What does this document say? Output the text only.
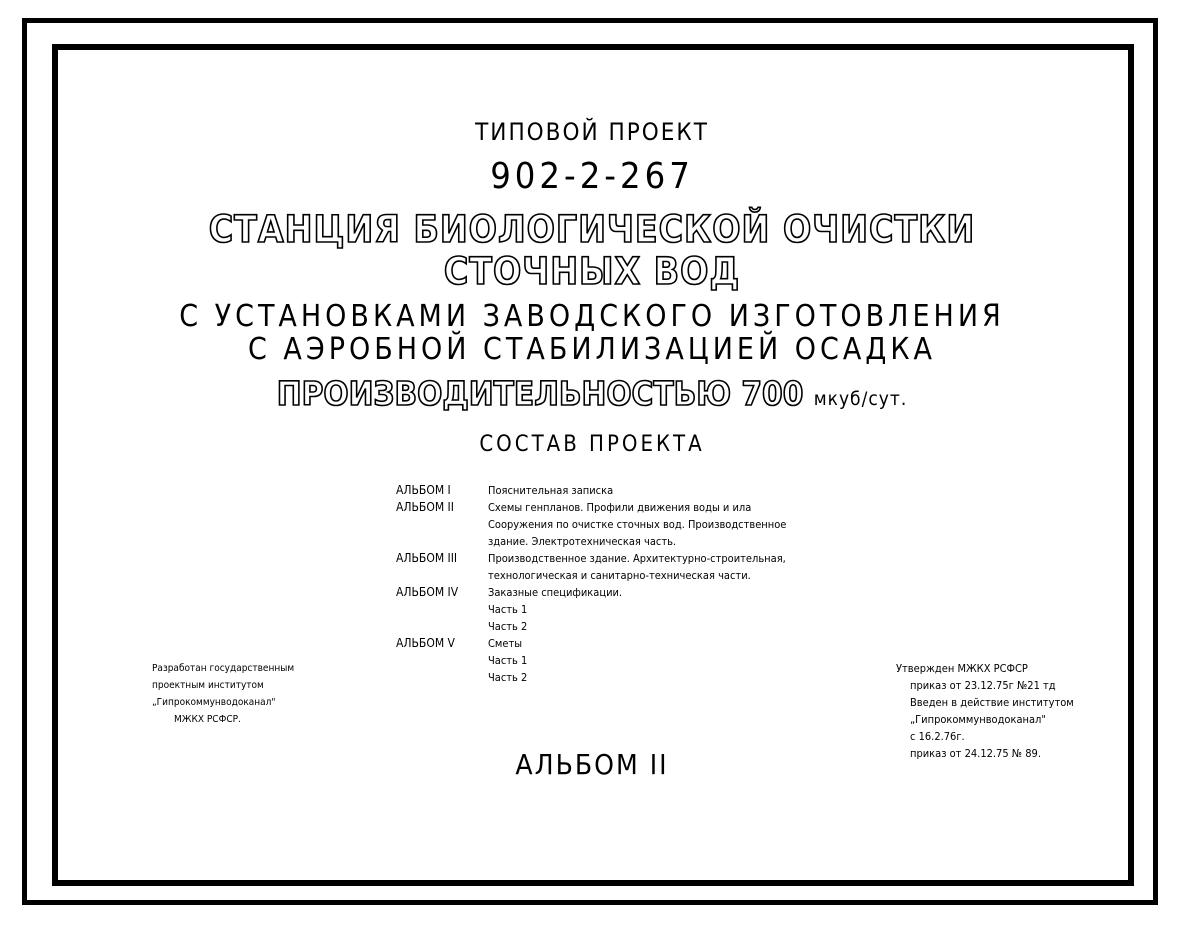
ТИПОВОЙ ПРОЕКТ
902-2-267
СТАНЦИЯ БИОЛОГИЧЕСКОЙ ОЧИСТКИ
СТОЧНЫХ ВОД
С УСТАНОВКАМИ ЗАВОДСКОГО ИЗГОТОВЛЕНИЯ
С АЭРОБНОЙ СТАБИЛИЗАЦИЕЙ ОСАДКА
ПРОИЗВОДИТЕЛЬНОСТЬЮ 700 мкуб/сут.
СОСТАВ ПРОЕКТА
АЛЬБОМ I	Пояснительная записка
АЛЬБОМ II	Схемы генпланов. Профили движения воды и ила
Сооружения по очистке сточных вод. Производственное
здание. Электротехническая часть.
АЛЬБОМ III	Производственное здание. Архитектурно-строительная,
технологическая и санитарно-техническая части.
АЛЬБОМ IV	Заказные спецификации.
Часть 1
Часть 2
АЛЬБОМ V	Сметы
Часть 1
Часть 2
Разработан государственным
проектным институтом
„Гипрокоммунводоканал"
МЖКХ РСФСР.
Утвержден МЖКХ РСФСР
приказ от 23.12.75г №21 тд
Введен в действие институтом
„Гипрокоммунводоканал"
с 16.2.76г.
приказ от 24.12.75 № 89.
АЛЬБОМ II
